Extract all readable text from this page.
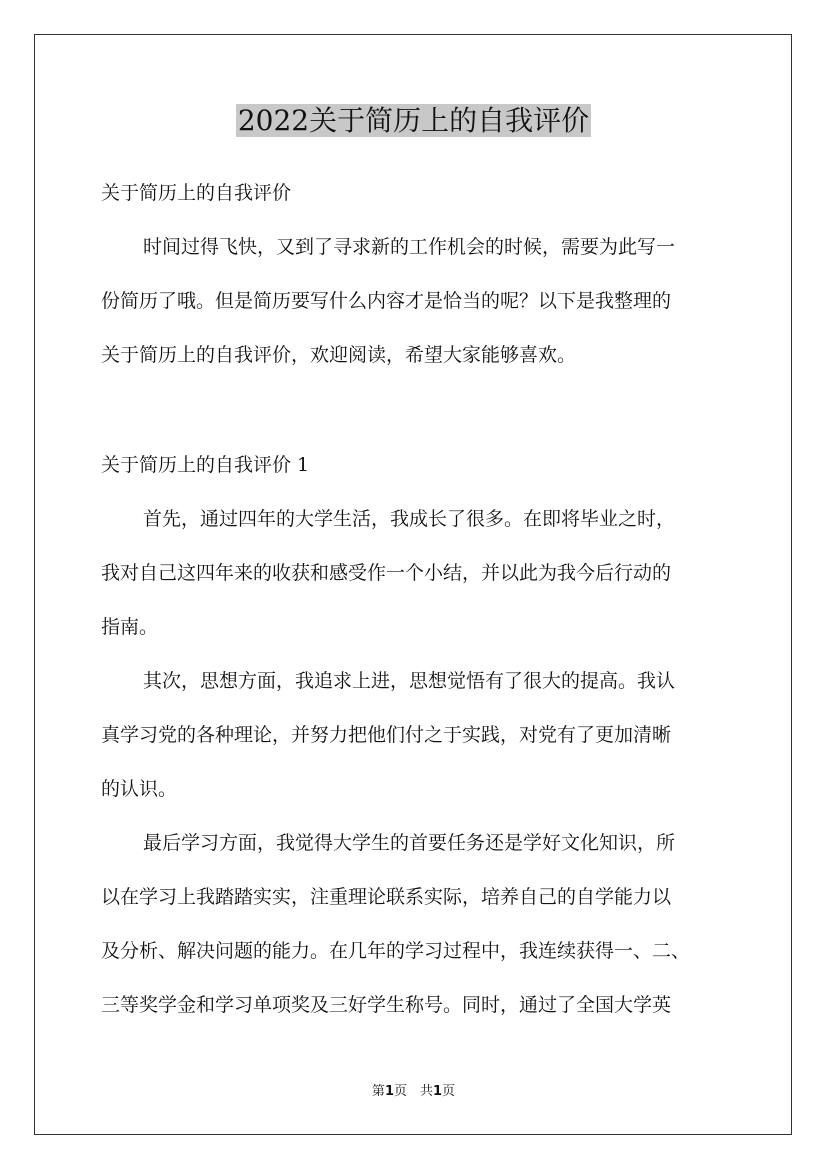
2022关于简历上的自我评价
关于简历上的自我评价
时间过得飞快，又到了寻求新的工作机会的时候，需要为此写一
份简历了哦。但是简历要写什么内容才是恰当的呢？以下是我整理的
关于简历上的自我评价，欢迎阅读，希望大家能够喜欢。
关于简历上的自我评价 1
首先，通过四年的大学生活，我成长了很多。在即将毕业之时，
我对自己这四年来的收获和感受作一个小结，并以此为我今后行动的
指南。
其次，思想方面，我追求上进，思想觉悟有了很大的提高。我认
真学习党的各种理论，并努力把他们付之于实践，对党有了更加清晰
的认识。
最后学习方面，我觉得大学生的首要任务还是学好文化知识，所
以在学习上我踏踏实实，注重理论联系实际，培养自己的自学能力以
及分析、解决问题的能力。在几年的学习过程中，我连续获得一、二、
三等奖学金和学习单项奖及三好学生称号。同时，通过了全国大学英
第1页　共1页
